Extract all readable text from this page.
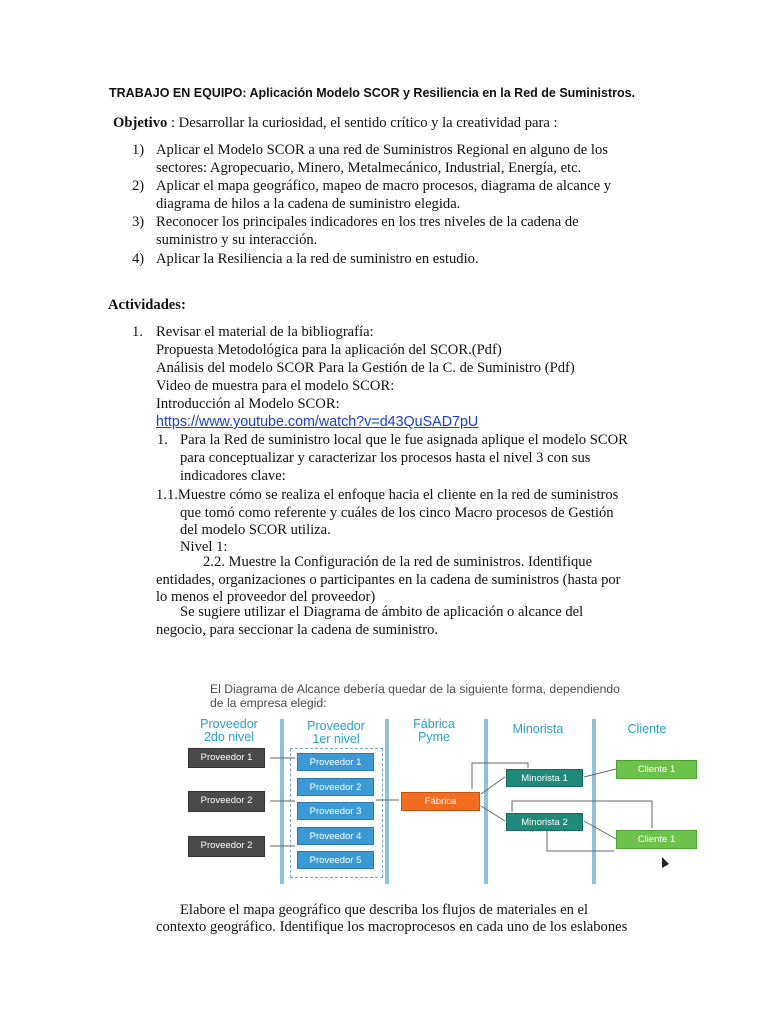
TRABAJO EN EQUIPO: Aplicación Modelo SCOR y Resiliencia en la Red de Suministros.
Objetivo : Desarrollar la curiosidad, el sentido crítico y la creatividad para :
1) Aplicar el Modelo SCOR a una red de Suministros Regional en alguno de los
sectores: Agropecuario, Minero, Metalmecánico, Industrial, Energía, etc.
2) Aplicar el mapa geográfico, mapeo de macro procesos, diagrama de alcance y
diagrama de hilos a la cadena de suministro elegida.
3) Reconocer los principales indicadores en los tres niveles de la cadena de
suministro y su interacción.
4) Aplicar la Resiliencia a la red de suministro en estudio.
Actividades:
1. Revisar el material de la bibliografía:
Propuesta Metodológica para la aplicación del SCOR.(Pdf)
Análisis del modelo SCOR Para la Gestión de la C. de Suministro (Pdf)
Video de muestra para el modelo SCOR:
Introducción al Modelo SCOR:
https://www.youtube.com/watch?v=d43QuSAD7pU
1. Para la Red de suministro local que le fue asignada aplique el modelo SCOR
para conceptualizar y caracterizar los procesos hasta el nivel 3 con sus
indicadores clave:
1.1.Muestre cómo se realiza el enfoque hacia el cliente en la red de suministros
que tomó como referente y cuáles de los cinco Macro procesos de Gestión
del modelo SCOR utiliza.
Nivel 1:
2.2. Muestre la Configuración de la red de suministros. Identifique
entidades, organizaciones o participantes en la cadena de suministros (hasta por
lo menos el proveedor del proveedor)
Se sugiere utilizar el Diagrama de ámbito de aplicación o alcance del
negocio, para seccionar la cadena de suministro.
El Diagrama de Alcance debería quedar de la siguiente forma, dependiendo
de la empresa elegid:
Proveedor
2do nivel
Proveedor
1er nivel
Fábrica
Pyme
Minorista	Cliente
Proveedor 1
Proveedor 2
Proveedor 2
Proveedor 1
Proveedor 2
Proveedor 3
Proveedor 4
Proveedor 5
Fábrica
Minorista 1
Minorista 2
Cliente 1
Cliente 1
Elabore el mapa geográfico que describa los flujos de materiales en el
contexto geográfico. Identifique los macroprocesos en cada uno de los eslabones
